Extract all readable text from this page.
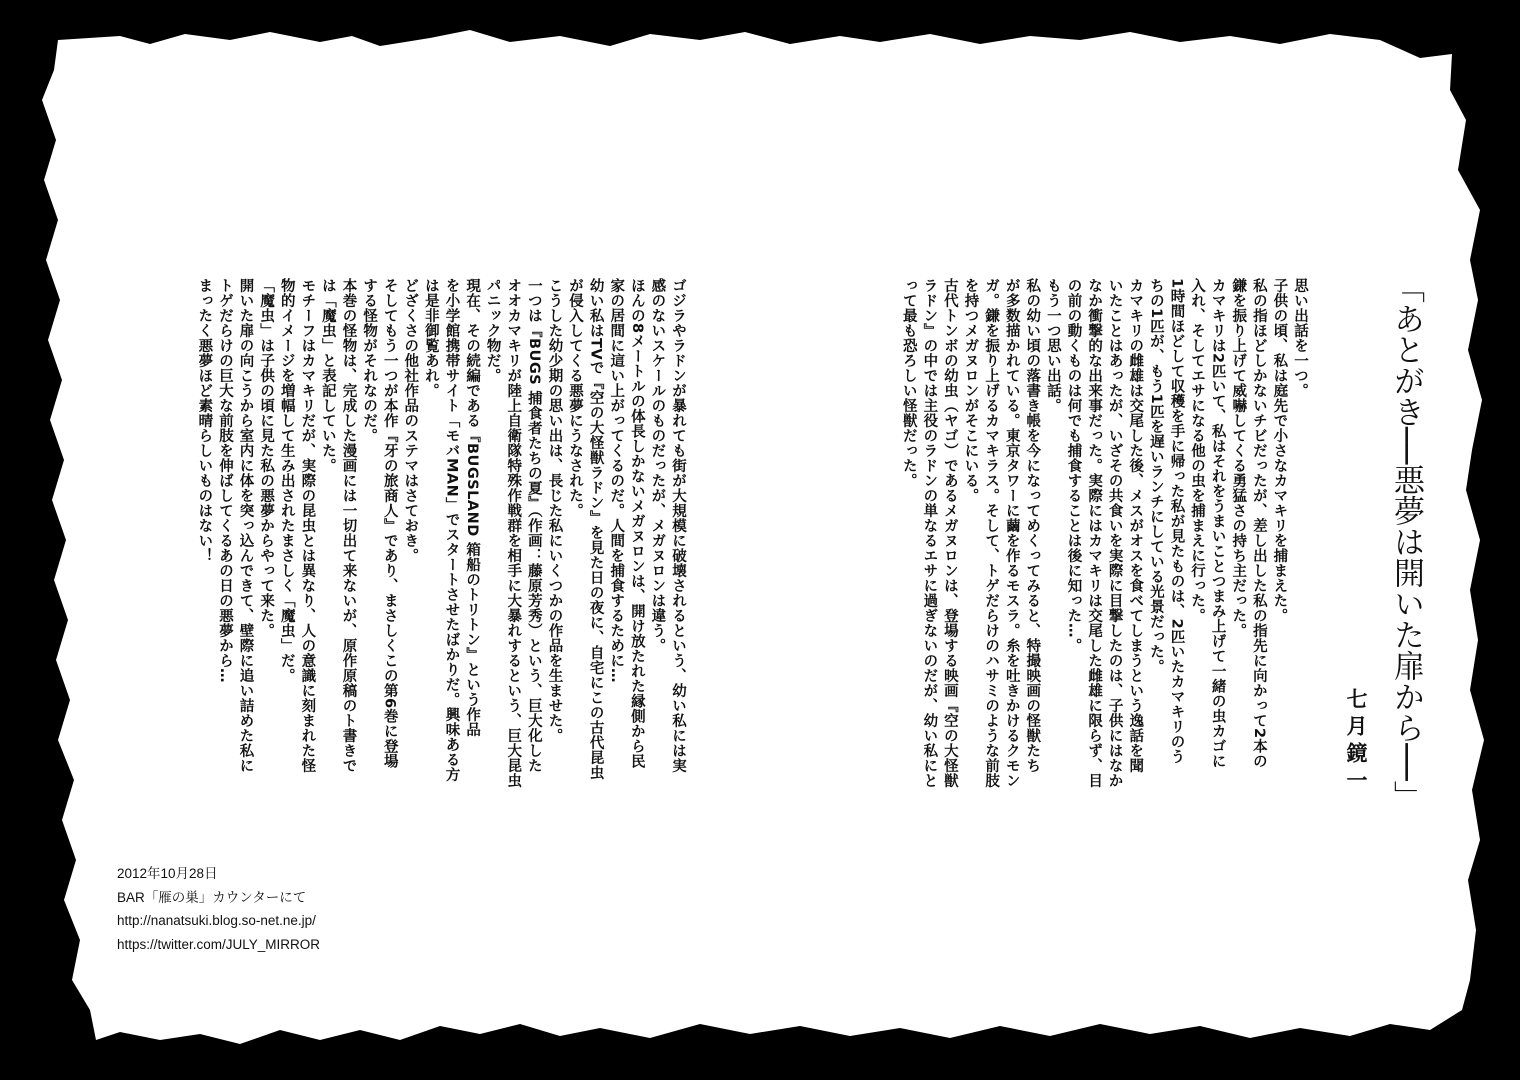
「あとがき──悪夢は開いた扉から──」
七月鏡一

思い出話を一つ。

子供の頃、私は庭先で小さなカマキリを捕まえた。

私の指ほどしかないチビだったが、差し出した私の指先に向かって2本の

鎌を振り上げて威嚇してくる勇猛さの持ち主だった。

カマキリは2匹いて、私はそれをうまいことつまみ上げて一緒の虫カゴに

入れ、そしてエサになる他の虫を捕まえに行った。

1時間ほどして収穫を手に帰った私が見たものは、2匹いたカマキリのう

ちの1匹が、もう1匹を遅いランチにしている光景だった。

カマキリの雌雄は交尾した後、メスがオスを食べてしまうという逸話を聞

いたことはあったが、いざその共食いを実際に目撃したのは、子供にはなか

なか衝撃的な出来事だった。実際にはカマキリは交尾した雌雄に限らず、目

の前の動くものは何でも捕食することは後に知った…。

もう一つ思い出話。

私の幼い頃の落書き帳を今になってめくってみると、特撮映画の怪獣たち

が多数描かれている。東京タワーに繭を作るモスラ。糸を吐きかけるクモン

ガ。鎌を振り上げるカマキラス。そして、トゲだらけのハサミのような前肢

を持つメガヌロンがそこにいる。

古代トンボの幼虫（ヤゴ）であるメガヌロンは、登場する映画『空の大怪獣

ラドン』の中では主役のラドンの単なるエサに過ぎないのだが、幼い私にと

って最も恐ろしい怪獣だった。

ゴジラやラドンが暴れても街が大規模に破壊されるという、幼い私には実

感のないスケールのものだったが、メガヌロンは違う。

ほんの8メートルの体長しかないメガヌロンは、開け放たれた縁側から民

家の居間に這い上がってくるのだ。人間を捕食するために…

幼い私はTVで『空の大怪獣ラドン』を見た日の夜に、自宅にこの古代昆虫

が侵入してくる悪夢にうなされた。

こうした幼少期の思い出は、長じた私にいくつかの作品を生ませた。

一つは『BUGS 捕食者たちの夏』（作画：藤原芳秀）という、巨大化した

オオカマキリが陸上自衛隊特殊作戦群を相手に大暴れするという、巨大昆虫

パニック物だ。

現在、その続編である『BUGSLAND 箱船のトリトン』という作品

を小学館携帯サイト「モバMAN」でスタートさせたばかりだ。興味ある方

は是非御覧あれ。

どざくさの他社作品のステマはさておき。

そしてもう一つが本作『牙の旅商人』であり、まさしくこの第6巻に登場

する怪物がそれなのだ。

本巻の怪物は、完成した漫画には一切出て来ないが、原作原稿のト書きで

は「魔虫」と表記していた。

モチーフはカマキリだが、実際の昆虫とは異なり、人の意識に刻まれた怪

物的イメージを増幅して生み出されたまさしく「魔虫」だ。

「魔虫」は子供の頃に見た私の悪夢からやって来た。

開いた扉の向こうから室内に体を突っ込んできて、壁際に追い詰めた私に

トゲだらけの巨大な前肢を伸ばしてくるあの日の悪夢から…

まったく悪夢ほど素晴らしいものはない！

2012年10月28日
BAR「雁の巣」カウンターにて
http://nanatsuki.blog.so-net.ne.jp/
https://twitter.com/JULY_MIRROR
